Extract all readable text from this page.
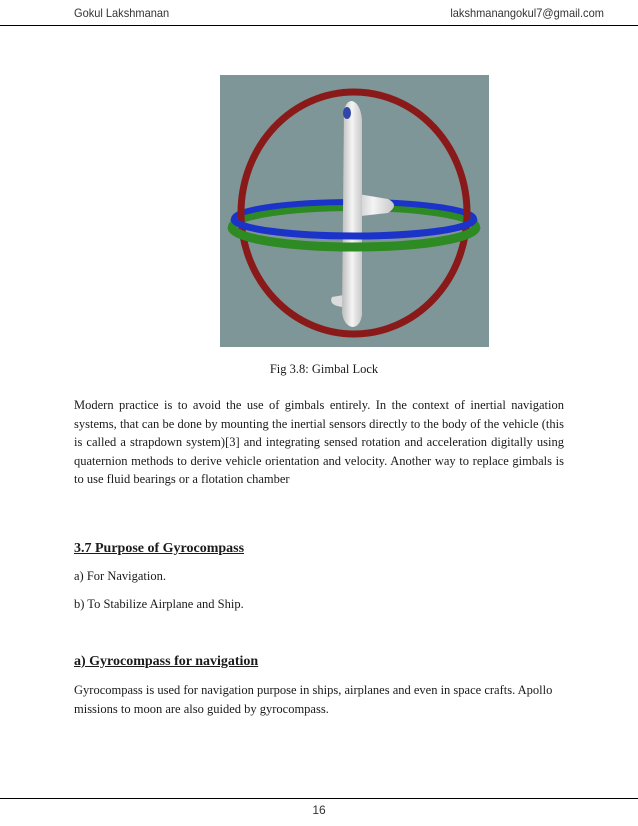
Gokul Lakshmanan	lakshmanangokul7@gmail.com
Fig 3.8: Gimbal Lock

Modern practice is to avoid the use of gimbals entirely. In the context of inertial navigation systems, that can be done by mounting the inertial sensors directly to the body of the vehicle (this is called a strapdown system)[3] and integrating sensed rotation and acceleration digitally using quaternion methods to derive vehicle orientation and velocity. Another way to replace gimbals is to use fluid bearings or a flotation chamber

3.7 Purpose of Gyrocompass
a) For Navigation.
b) To Stabilize Airplane and Ship.
a) Gyrocompass for navigation

Gyrocompass is used for navigation purpose in ships, airplanes and even in space crafts. Apollo missions to moon are also guided by gyrocompass.

16
